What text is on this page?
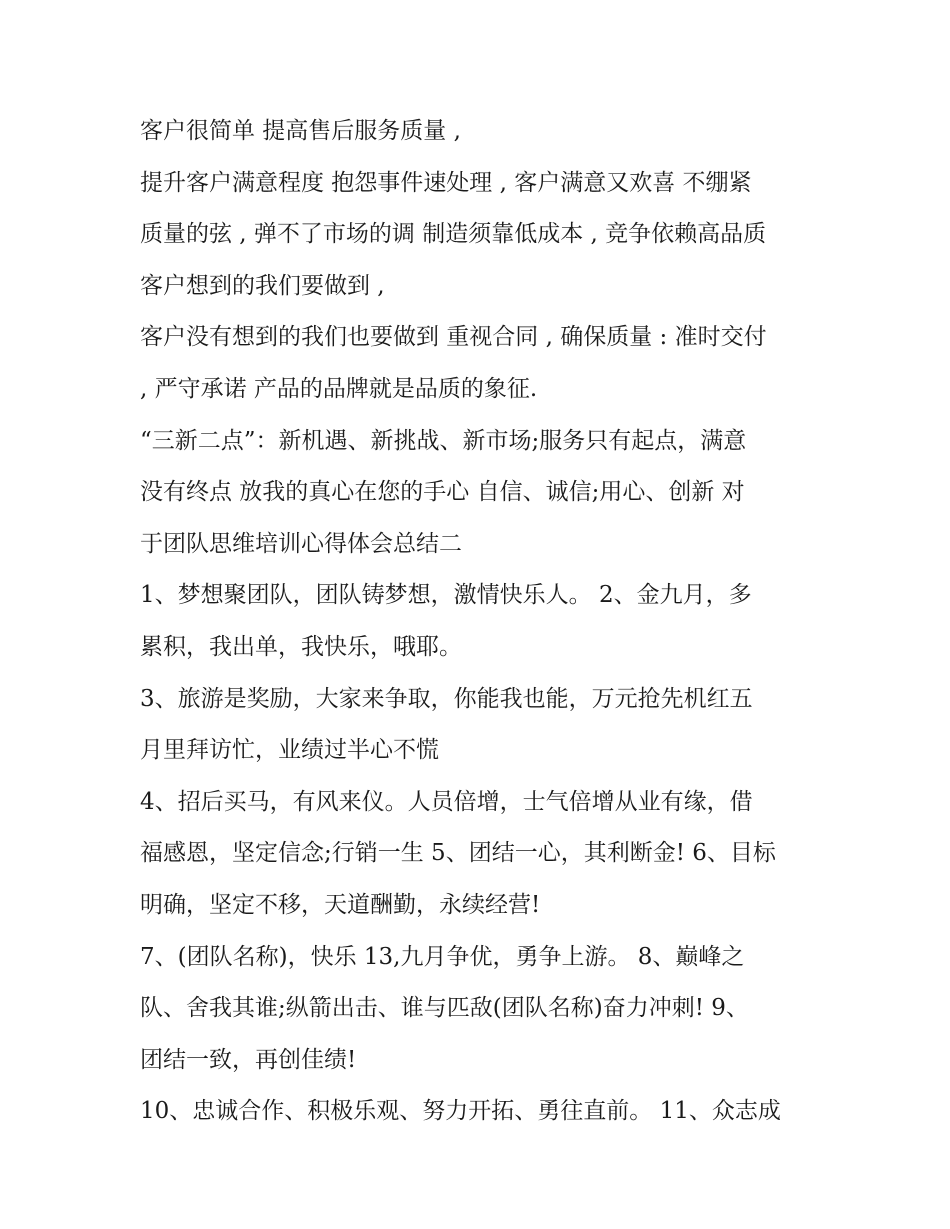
客户很简单 提高售后服务质量 ,
提升客户满意程度 抱怨事件速处理 , 客户满意又欢喜 不绷紧
质量的弦 , 弹不了市场的调 制造须靠低成本 , 竞争依赖高品质
客户想到的我们要做到 ,
客户没有想到的我们也要做到 重视合同 , 确保质量 : 准时交付
, 严守承诺 产品的品牌就是品质的象征.
“三新二点”：新机遇、新挑战、新市场;服务只有起点，满意
没有终点 放我的真心在您的手心 自信、诚信;用心、创新 对
于团队思维培训心得体会总结二
1、梦想聚团队，团队铸梦想，激情快乐人。 2、金九月，多
累积，我出单，我快乐，哦耶。
3、旅游是奖励，大家来争取，你能我也能，万元抢先机红五
月里拜访忙，业绩过半心不慌
4、招后买马，有风来仪。人员倍增，士气倍增从业有缘，借
福感恩，坚定信念;行销一生 5、团结一心，其利断金! 6、目标
明确，坚定不移，天道酬勤，永续经营!
7、(团队名称)，快乐 13,九月争优，勇争上游。 8、巅峰之
队、舍我其谁;纵箭出击、谁与匹敌(团队名称)奋力冲刺! 9、
团结一致，再创佳绩!
10、忠诚合作、积极乐观、努力开拓、勇往直前。 11、众志成
